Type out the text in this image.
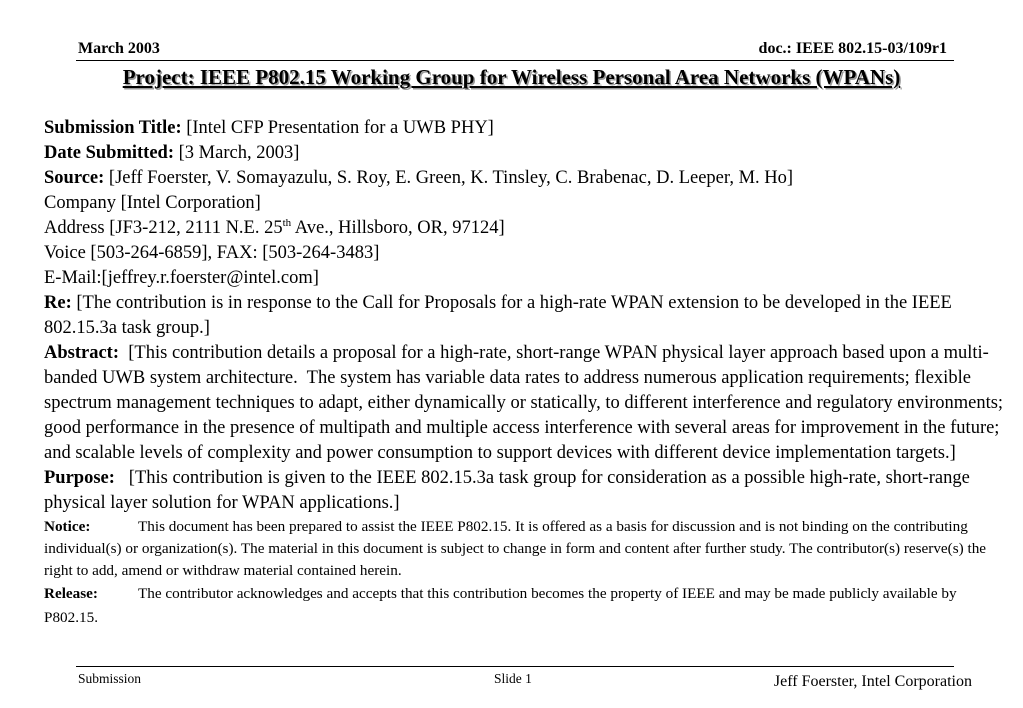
March 2003	doc.: IEEE 802.15-03/109r1
Project: IEEE P802.15 Working Group for Wireless Personal Area Networks (WPANs)
Submission Title: [Intel CFP Presentation for a UWB PHY]
Date Submitted: [3 March, 2003]
Source: [Jeff Foerster, V. Somayazulu, S. Roy, E. Green, K. Tinsley, C. Brabenac, D. Leeper, M. Ho]
Company [Intel Corporation]
Address [JF3-212, 2111 N.E. 25th Ave., Hillsboro, OR, 97124]
Voice [503-264-6859], FAX: [503-264-3483]
E-Mail:[jeffrey.r.foerster@intel.com]
Re: [The contribution is in response to the Call for Proposals for a high-rate WPAN extension to be developed in the IEEE 802.15.3a task group.]
Abstract:  [This contribution details a proposal for a high-rate, short-range WPAN physical layer approach based upon a multi-banded UWB system architecture.  The system has variable data rates to address numerous application requirements; flexible spectrum management techniques to adapt, either dynamically or statically, to different interference and regulatory environments; good performance in the presence of multipath and multiple access interference with several areas for improvement in the future; and scalable levels of complexity and power consumption to support devices with different device implementation targets.]
Purpose:   [This contribution is given to the IEEE 802.15.3a task group for consideration as a possible high-rate, short-range physical layer solution for WPAN applications.]
Notice:	This document has been prepared to assist the IEEE P802.15. It is offered as a basis for discussion and is not binding on the contributing individual(s) or organization(s). The material in this document is subject to change in form and content after further study. The contributor(s) reserve(s) the right to add, amend or withdraw material contained herein.
Release:	The contributor acknowledges and accepts that this contribution becomes the property of IEEE and may be made publicly available by P802.15.
Submission	Slide 1	Jeff Foerster, Intel Corporation
